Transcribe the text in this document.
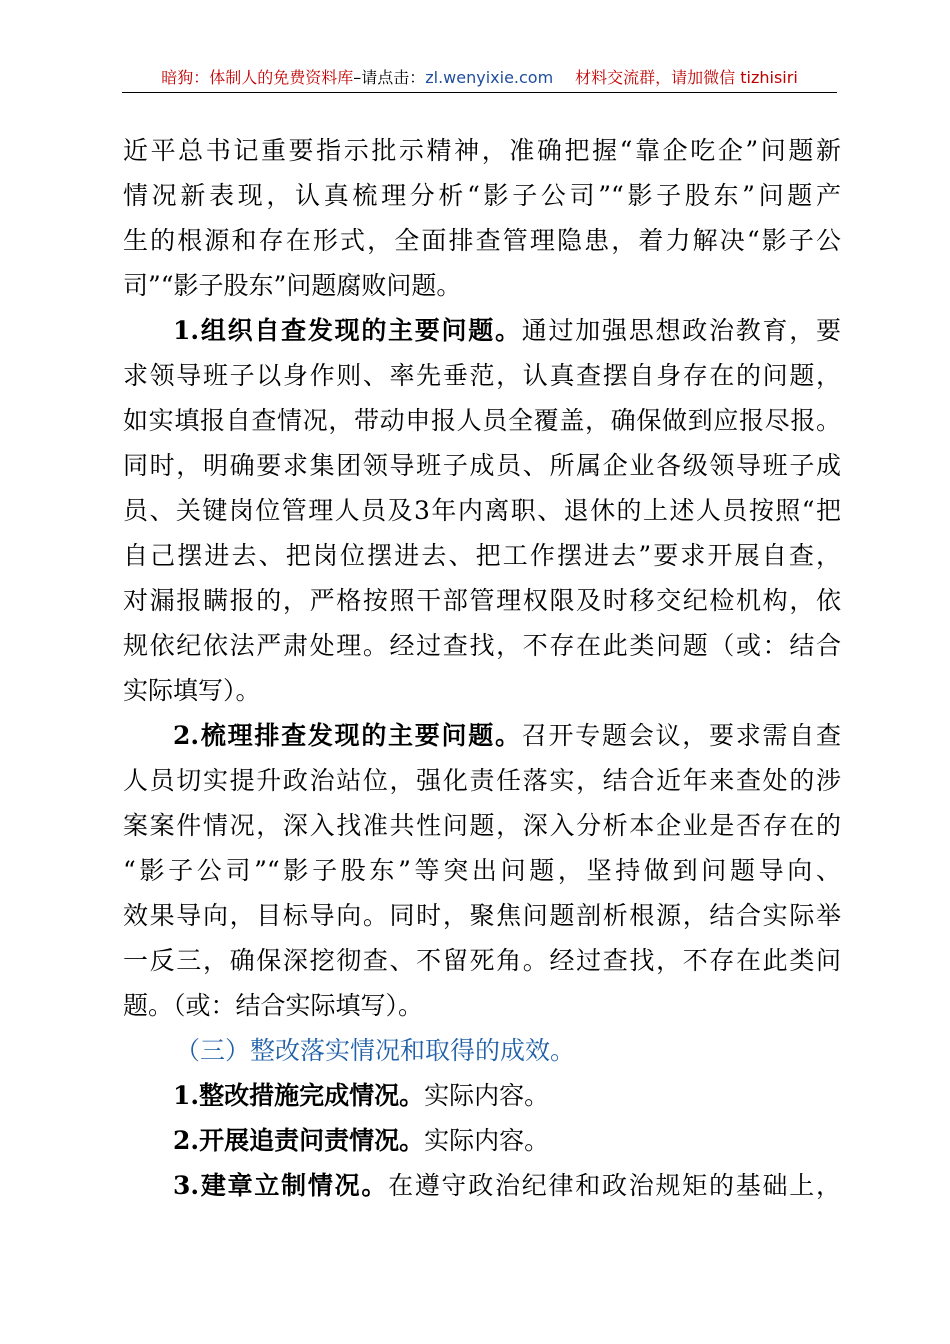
暗狗：体制人的免费资料库–请点击：zl.wenyixie.com 材料交流群，请加微信 tizhisiri
近平总书记重要指示批示精神，准确把握“靠企吃企”问题新
情况新表现，认真梳理分析“影子公司”“影子股东”问题产
生的根源和存在形式，全面排查管理隐患，着力解决“影子公
司”“影子股东”问题腐败问题。
1.组织自查发现的主要问题。通过加强思想政治教育，要
求领导班子以身作则、率先垂范，认真查摆自身存在的问题，
如实填报自查情况，带动申报人员全覆盖，确保做到应报尽报。
同时，明确要求集团领导班子成员、所属企业各级领导班子成
员、关键岗位管理人员及3年内离职、退休的上述人员按照“把
自己摆进去、把岗位摆进去、把工作摆进去”要求开展自查，
对漏报瞒报的，严格按照干部管理权限及时移交纪检机构，依
规依纪依法严肃处理。经过查找，不存在此类问题（或：结合
实际填写）。
2.梳理排查发现的主要问题。召开专题会议，要求需自查
人员切实提升政治站位，强化责任落实，结合近年来查处的涉
案案件情况，深入找准共性问题，深入分析本企业是否存在的
“影子公司”“影子股东”等突出问题，坚持做到问题导向、
效果导向，目标导向。同时，聚焦问题剖析根源，结合实际举
一反三，确保深挖彻查、不留死角。经过查找，不存在此类问
题。（或：结合实际填写）。
（三）整改落实情况和取得的成效。
1.整改措施完成情况。实际内容。
2.开展追责问责情况。实际内容。
3.建章立制情况。在遵守政治纪律和政治规矩的基础上，
